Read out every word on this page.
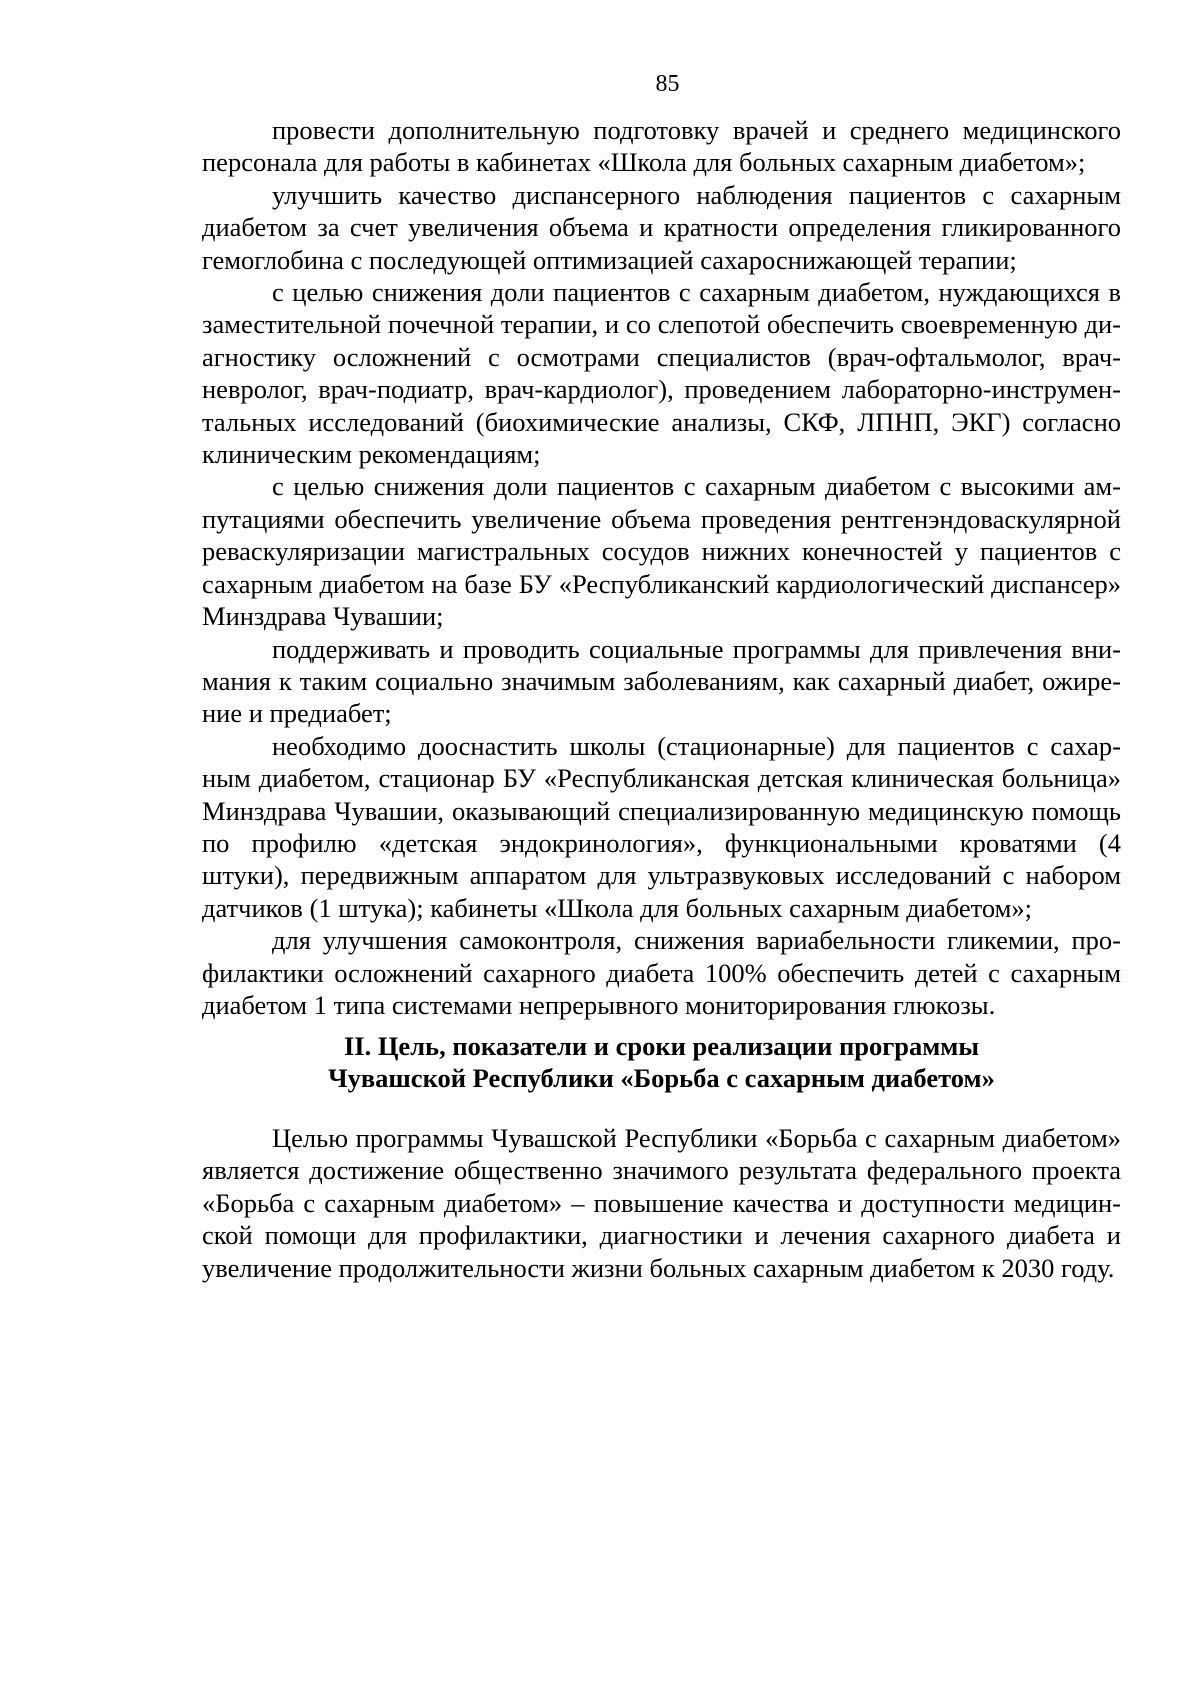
85

провести дополнительную подготовку врачей и среднего медицинского персонала для работы в кабинетах «Школа для больных сахарным диабетом»;

улучшить качество диспансерного наблюдения пациентов с сахарным диабетом за счет увеличения объема и кратности определения гликированного гемоглобина с последующей оптимизацией сахароснижающей терапии;

с целью снижения доли пациентов с сахарным диабетом, нуждающихся в заместительной почечной терапии, и со слепотой обеспечить своевременную диагностику осложнений с осмотрами специалистов (врач-офтальмолог, врач-невролог, врач-подиатр, врач-кардиолог), проведением лабораторно-инструментальных исследований (биохимические анализы, СКФ, ЛПНП, ЭКГ) согласно клиническим рекомендациям;

с целью снижения доли пациентов с сахарным диабетом с высокими ампутациями обеспечить увеличение объема проведения рентгенэндоваскулярной реваскуляризации магистральных сосудов нижних конечностей у пациентов с сахарным диабетом на базе БУ «Республиканский кардиологический диспансер» Минздрава Чувашии;

поддерживать и проводить социальные программы для привлечения внимания к таким социально значимым заболеваниям, как сахарный диабет, ожирение и предиабет;

необходимо дооснастить школы (стационарные) для пациентов с сахарным диабетом, стационар БУ «Республиканская детская клиническая больница» Минздрава Чувашии, оказывающий специализированную медицинскую помощь по профилю «детская эндокринология», функциональными кроватями (4 штуки), передвижным аппаратом для ультразвуковых исследований с набором датчиков (1 штука); кабинеты «Школа для больных сахарным диабетом»;

для улучшения самоконтроля, снижения вариабельности гликемии, профилактики осложнений сахарного диабета 100% обеспечить детей с сахарным диабетом 1 типа системами непрерывного мониторирования глюкозы.

II. Цель, показатели и сроки реализации программы
Чувашской Республики «Борьба с сахарным диабетом»

Целью программы Чувашской Республики «Борьба с сахарным диабетом» является достижение общественно значимого результата федерального проекта «Борьба с сахарным диабетом» – повышение качества и доступности медицинской помощи для профилактики, диагностики и лечения сахарного диабета и увеличение продолжительности жизни больных сахарным диабетом к 2030 году.
